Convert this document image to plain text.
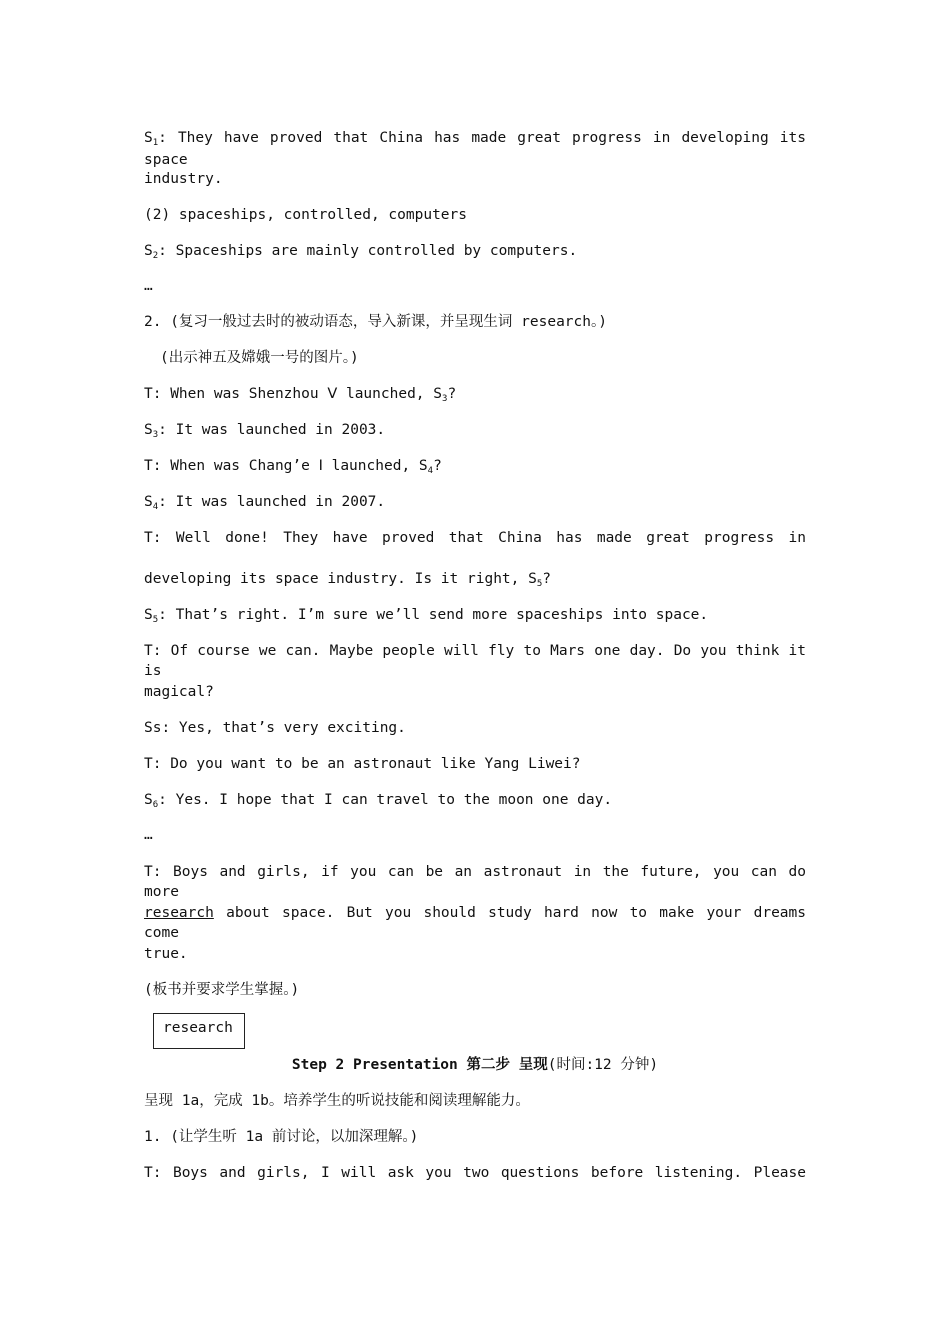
$S_1$: They have proved that China has made great progress in developing its space
industry.
(2) spaceships, controlled, computers
$S_2$: Spaceships are mainly controlled by computers.
…
2. (复习一般过去时的被动语态，导入新课，并呈现生词 research。)
(出示神五及嫦娥一号的图片。)
T: When was Shenzhou Ⅴ launched, $S_3$?
$S_3$: It was launched in 2003.
T: When was Chang’e Ⅰ launched, $S_4$?
$S_4$: It was launched in 2007.
T: Well done! They have proved that China has made great progress in
developing its space industry. Is it right, $S_5$?
$S_5$: That’s right. I’m sure we’ll send more spaceships into space.
T: Of course we can. Maybe people will fly to Mars one day. Do you think it is
magical?
Ss: Yes, that’s very exciting.
T: Do you want to be an astronaut like Yang Liwei?
$S_6$: Yes. I hope that I can travel to the moon one day.
…
T: Boys and girls, if you can be an astronaut in the future, you can do more
research about space. But you should study hard now to make your dreams come
true.
(板书并要求学生掌握。)
research
Step 2 Presentation 第二步 呈现(时间:12 分钟)
呈现 1a，完成 1b。培养学生的听说技能和阅读理解能力。
1. (让学生听 1a 前讨论，以加深理解。)
T: Boys and girls, I will ask you two questions before listening. Please
